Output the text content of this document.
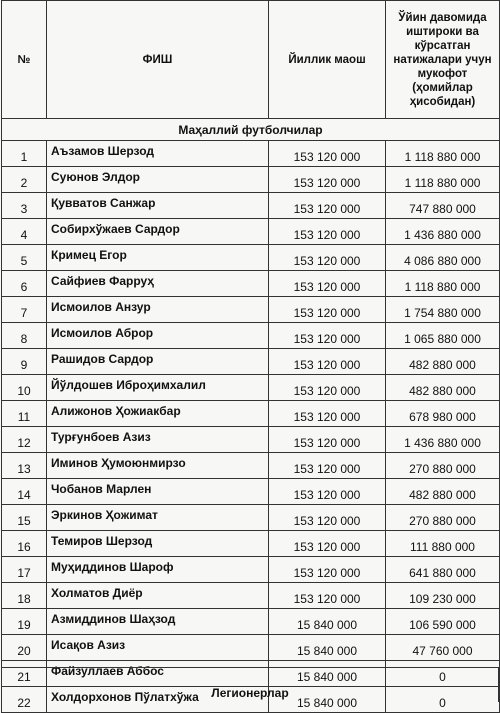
№	ФИШ	Йиллик маош	Ўйин давомида иштироки ва кўрсатган натижалари учун мукофот (ҳомийлар ҳисобидан)
Маҳаллий футболчилар			
1	Аъзамов Шерзод	153 120 000	1 118 880 000
2	Суюнов Элдор	153 120 000	1 118 880 000
3	Қувватов Санжар	153 120 000	747 880 000
4	Собирхўжаев Сардор	153 120 000	1 436 880 000
5	Кримец Егор	153 120 000	4 086 880 000
6	Сайфиев Фарруҳ	153 120 000	1 118 880 000
7	Исмоилов Анзур	153 120 000	1 754 880 000
8	Исмоилов Аброр	153 120 000	1 065 880 000
9	Рашидов Сардор	153 120 000	482 880 000
10	Йўлдошев Иброҳимхалил	153 120 000	482 880 000
11	Алижонов Ҳожиакбар	153 120 000	678 980 000
12	Турғунбоев Азиз	153 120 000	1 436 880 000
13	Иминов Ҳумоюнмирзо	153 120 000	270 880 000
14	Чобанов Марлен	153 120 000	482 880 000
15	Эркинов Ҳожимат	153 120 000	270 880 000
16	Темиров Шерзод	153 120 000	111 880 000
17	Муҳиддинов Шароф	153 120 000	641 880 000
18	Холматов Диёр	153 120 000	109 230 000
19	Азмиддинов Шаҳзод	15 840 000	106 590 000
20	Исақов Азиз	15 840 000	47 760 000
21	Файзуллаев Аббос	15 840 000	0
22	Холдорхонов Пўлатхўжа	15 840 000	0
Легионерлар
